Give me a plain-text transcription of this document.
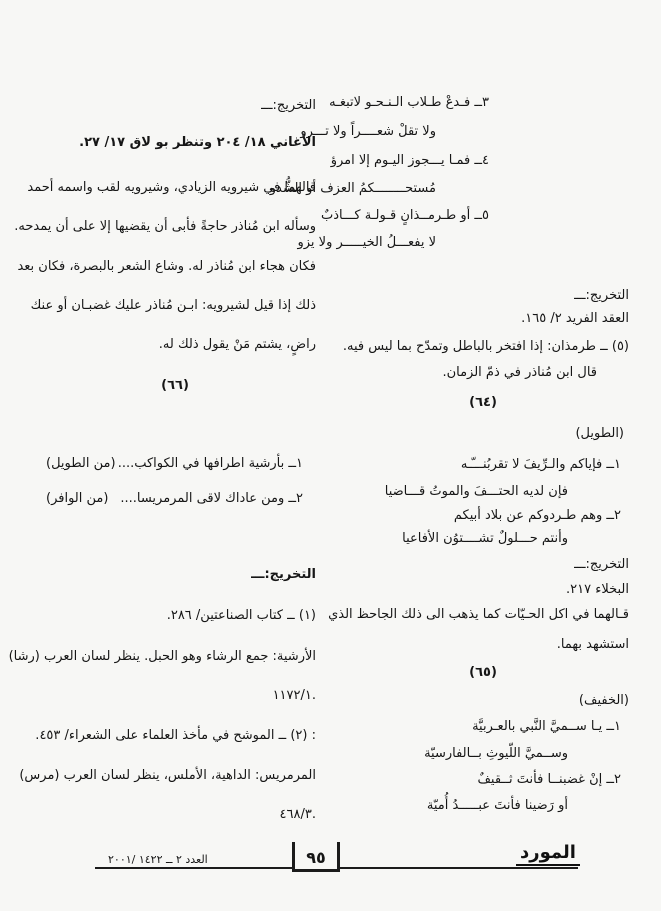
٣ــ فـدعْ طـلاب الـنـحـو لاتبغـه
ولا تقلْ شعــــراً ولا تـــرو
٤ــ فمـا يـــجوز اليـوم إلا امرؤ
مُستحــــــــكمُ العزف أو الشُّدو
٥ــ أو طـرمــذانٍ قـولـة كـــاذبٌ
لا يفعـــلُ الخيـــــر ولا يزو
التخريج:ـــ
العقد الفريد ٢/ ١٦٥.
(٥) ــ طرمذان: إذا افتخر بالباطل وتمدّح بما ليس فيه.
قال ابن مُناذر في ذمّ الزمان.
(٦٤)
(الطويل)
١ــ فإياكم والـرِّيفَ لا تقربُنـــّـه
فإن لديه الحتـــفَ والموتُ قـــاضيا
٢ــ وهم طـردوكم عن بلاد أبيكم
وأنتم حـــلولٌ تشــــتوُن الأفاعيا
التخريج:ـــ
البخلاء ٢١٧.
قـالهما في اكل الحـيّات كما يذهب الى ذلك الجاحظ الذي
استشهد بهما.
(٦٥)
(الخفيف)
١ــ يـا ســميَّ النَّبي بالعـربيَّة
وســميَّ اللّيوثِ بــالفارسيّة
٢ــ إنْ غضبنــا فأنتَ ثــقيفٌ
أو رَضينا فأنتَ عبـــــدُ أُميّة
التخريج:ـــ
الأغاني ١٨/ ٢٠٤ وتنظر بو لاق ١٧/ ٢٧.
قالهما في شيرويه الزيادي، وشيرويه لقب واسمه أحمد
وسأله ابن مُناذر حاجةً فأبى أن يقضيها إلا على أن يمدحه.
فكان هجاء ابن مُناذر له. وشاع الشعر بالبصرة، فكان بعد
ذلك إذا قيل لشيرويه: ابـن مُناذر عليك غضبـان أو عنك
راضٍ، يشتم مَنْ يقول ذلك له.
(٦٦)
١ــ بأرشية اطرافها في الكواكب....
(من الطويل)
٢ــ ومن عاداك لاقى المرمريسا....
(من الوافر)
التخريج:ـــ
(١) ــ كتاب الصناعتين/ ٢٨٦.
الأرشية: جمع الرشاء وهو الحبل. ينظر لسان العرب (رشا)
١١٧٢/١.
: (٢) ــ الموشح في مأخذ العلماء على الشعراء/ ٤٥٣.
المرمريس: الداهية، الأملس، ينظر لسان العرب (مرس)
٤٦٨/٣.
٩٥
العدد ٢ ــ ١٤٢٢ /٢٠٠١	المورد
